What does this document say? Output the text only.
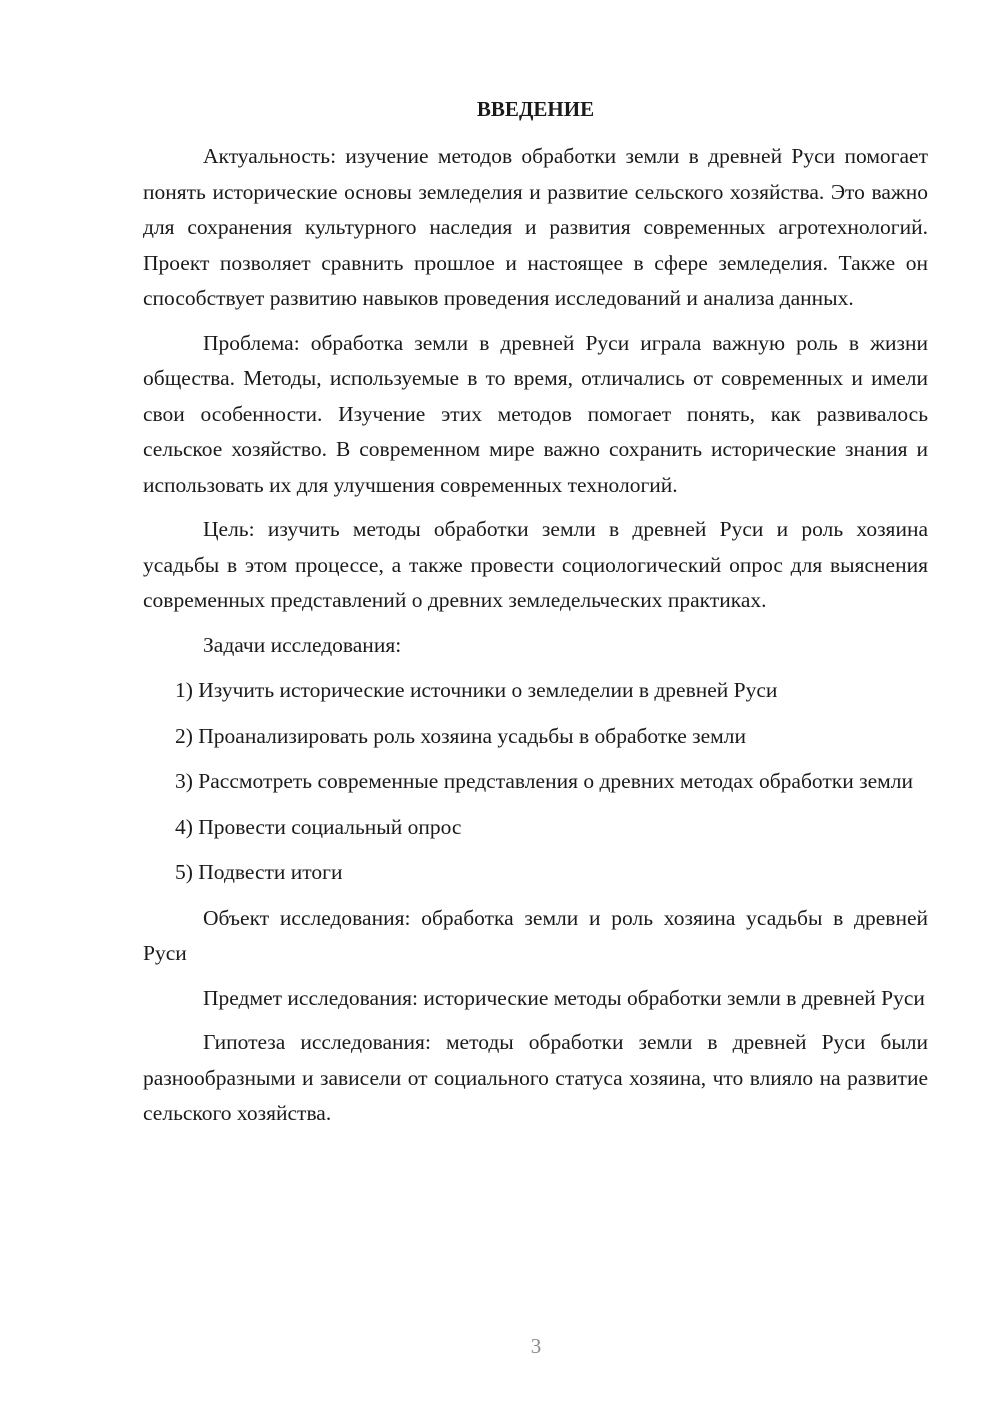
ВВЕДЕНИЕ

Актуальность: изучение методов обработки земли в древней Руси помогает понять исторические основы земледелия и развитие сельского хозяйства. Это важно для сохранения культурного наследия и развития современных агротехнологий. Проект позволяет сравнить прошлое и настоящее в сфере земледелия. Также он способствует развитию навыков проведения исследований и анализа данных.

Проблема: обработка земли в древней Руси играла важную роль в жизни общества. Методы, используемые в то время, отличались от современных и имели свои особенности. Изучение этих методов помогает понять, как развивалось сельское хозяйство. В современном мире важно сохранить исторические знания и использовать их для улучшения современных технологий.

Цель: изучить методы обработки земли в древней Руси и роль хозяина усадьбы в этом процессе, а также провести социологический опрос для выяснения современных представлений о древних земледельческих практиках.

Задачи исследования:

1) Изучить исторические источники о земледелии в древней Руси

2) Проанализировать роль хозяина усадьбы в обработке земли

3) Рассмотреть современные представления о древних методах обработки земли

4) Провести социальный опрос

5) Подвести итоги

Объект исследования: обработка земли и роль хозяина усадьбы в древней Руси

Предмет исследования: исторические методы обработки земли в древней Руси

Гипотеза исследования: методы обработки земли в древней Руси были разнообразными и зависели от социального статуса хозяина, что влияло на развитие сельского хозяйства.

3
